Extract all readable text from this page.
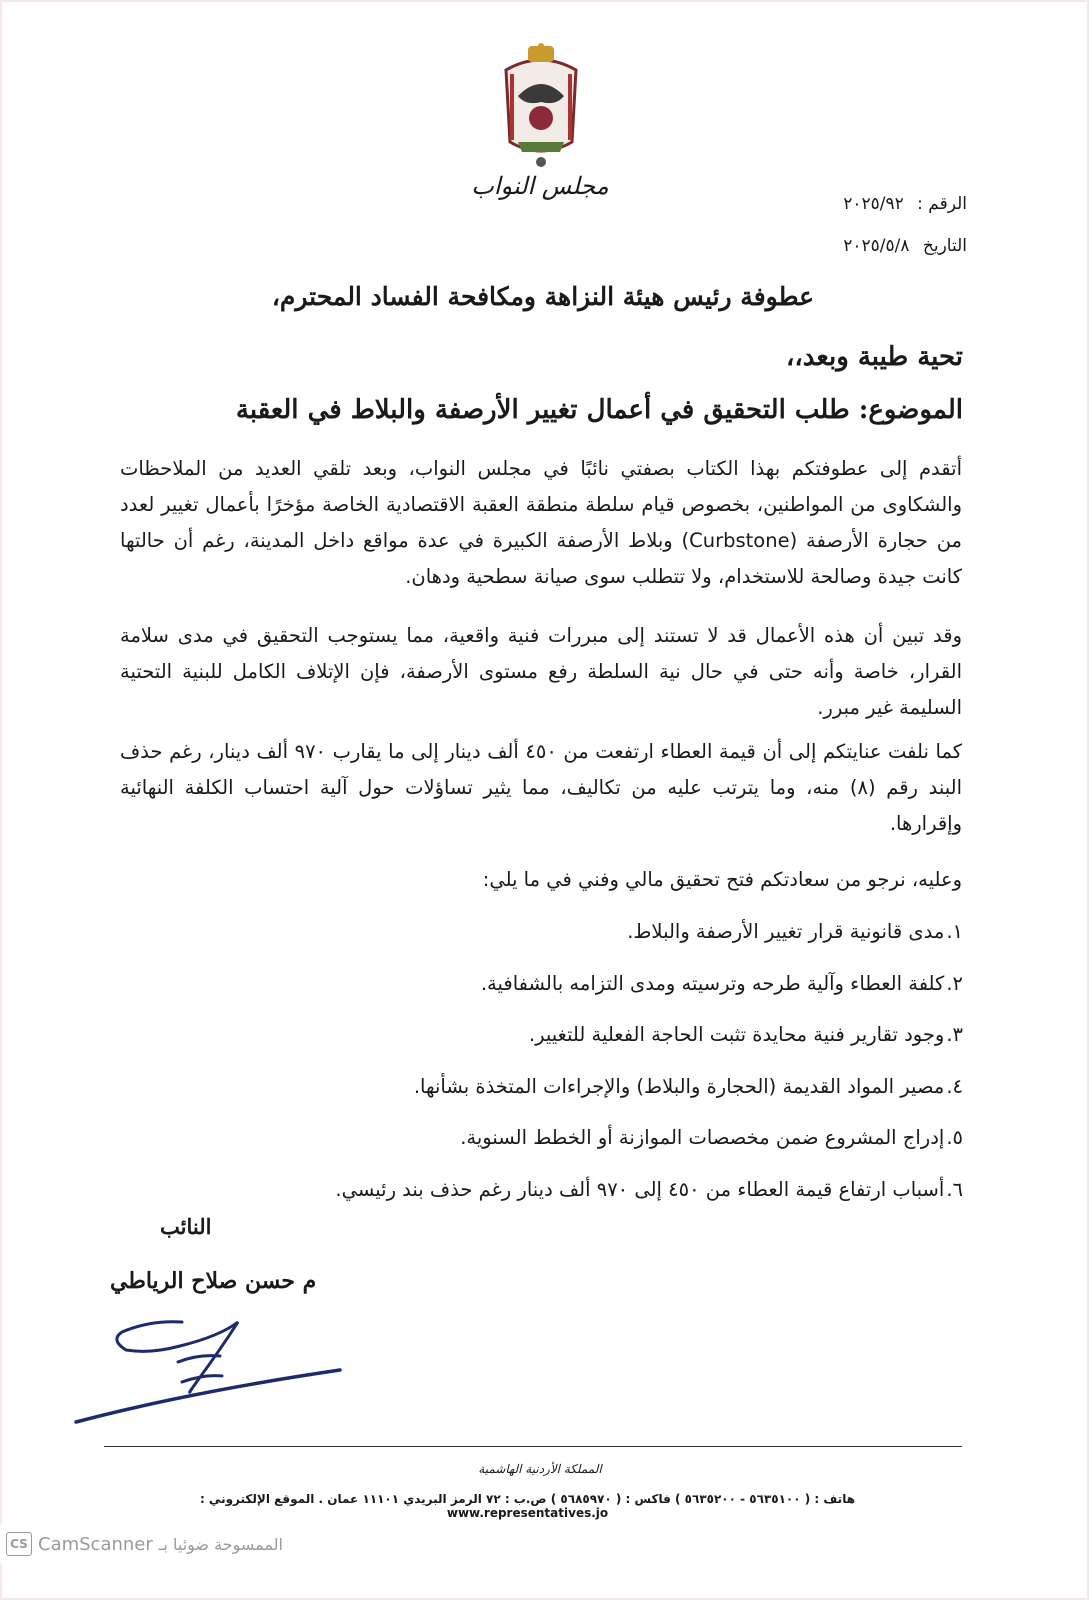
مجلس النواب
الرقم : ٢٠٢٥/٩٢
التاريخ ٢٠٢٥/٥/٨
عطوفة رئيس هيئة النزاهة ومكافحة الفساد المحترم،
تحية طيبة وبعد،،
الموضوع: طلب التحقيق في أعمال تغيير الأرصفة والبلاط في العقبة
أتقدم إلى عطوفتكم بهذا الكتاب بصفتي نائبًا في مجلس النواب، وبعد تلقي العديد من الملاحظات والشكاوى من المواطنين، بخصوص قيام سلطة منطقة العقبة الاقتصادية الخاصة مؤخرًا بأعمال تغيير لعدد من حجارة الأرصفة (Curbstone) وبلاط الأرصفة الكبيرة في عدة مواقع داخل المدينة، رغم أن حالتها كانت جيدة وصالحة للاستخدام، ولا تتطلب سوى صيانة سطحية ودهان.
وقد تبين أن هذه الأعمال قد لا تستند إلى مبررات فنية واقعية، مما يستوجب التحقيق في مدى سلامة القرار، خاصة وأنه حتى في حال نية السلطة رفع مستوى الأرصفة، فإن الإتلاف الكامل للبنية التحتية السليمة غير مبرر.
كما نلفت عنايتكم إلى أن قيمة العطاء ارتفعت من ٤٥٠ ألف دينار إلى ما يقارب ٩٧٠ ألف دينار، رغم حذف البند رقم (٨) منه، وما يترتب عليه من تكاليف، مما يثير تساؤلات حول آلية احتساب الكلفة النهائية وإقرارها.
وعليه، نرجو من سعادتكم فتح تحقيق مالي وفني في ما يلي:
١.مدى قانونية قرار تغيير الأرصفة والبلاط.
٢.كلفة العطاء وآلية طرحه وترسيته ومدى التزامه بالشفافية.
٣.وجود تقارير فنية محايدة تثبت الحاجة الفعلية للتغيير.
٤.مصير المواد القديمة (الحجارة والبلاط) والإجراءات المتخذة بشأنها.
٥.إدراج المشروع ضمن مخصصات الموازنة أو الخطط السنوية.
٦.أسباب ارتفاع قيمة العطاء من ٤٥٠ إلى ٩٧٠ ألف دينار رغم حذف بند رئيسي.
النائب
م حسن صلاح الرياطي
المملكة الأردنية الهاشمية
هاتف : ( ٥٦٣٥١٠٠ - ٥٦٣٥٢٠٠ ) فاكس : ( ٥٦٨٥٩٧٠ ) ص.ب : ٧٢ الرمز البريدي ١١١٠١ عمان . الموقع الإلكتروني : www.representatives.jo
CS CamScanner الممسوحة ضوئيا بـ
